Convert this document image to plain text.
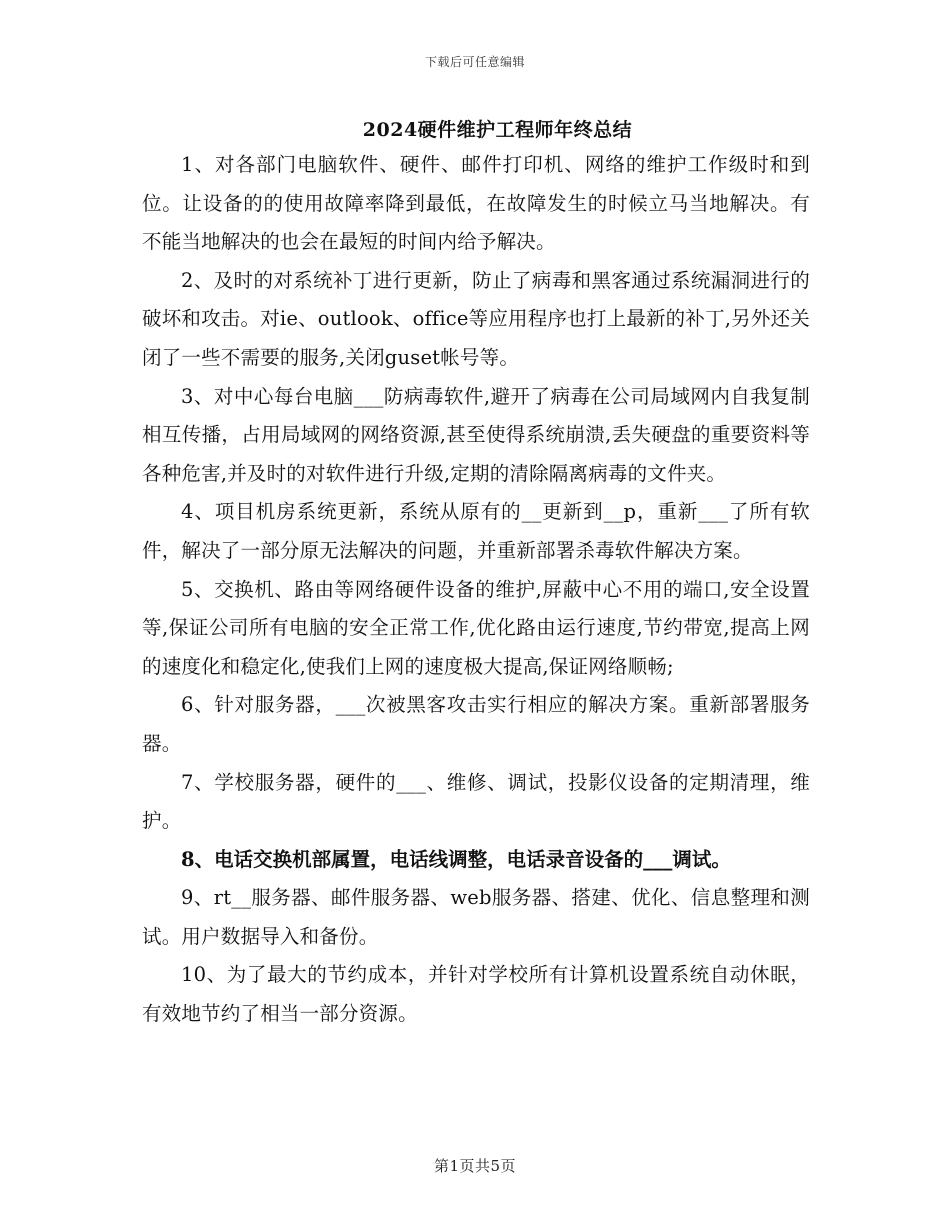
下载后可任意编辑
2024硬件维护工程师年终总结

1、对各部门电脑软件、硬件、邮件打印机、网络的维护工作级时和到位。让设备的的使用故障率降到最低，在故障发生的时候立马当地解决。有不能当地解决的也会在最短的时间内给予解决。

2、及时的对系统补丁进行更新，防止了病毒和黑客通过系统漏洞进行的破坏和攻击。对ie、outlook、office等应用程序也打上最新的补丁,另外还关闭了一些不需要的服务,关闭guset帐号等。

3、对中心每台电脑___防病毒软件,避开了病毒在公司局域网内自我复制相互传播，占用局域网的网络资源,甚至使得系统崩溃,丢失硬盘的重要资料等各种危害,并及时的对软件进行升级,定期的清除隔离病毒的文件夹。

4、项目机房系统更新，系统从原有的__更新到__p，重新___了所有软件，解决了一部分原无法解决的问题，并重新部署杀毒软件解决方案。

5、交换机、路由等网络硬件设备的维护,屏蔽中心不用的端口,安全设置等,保证公司所有电脑的安全正常工作,优化路由运行速度,节约带宽,提高上网的速度化和稳定化,使我们上网的速度极大提高,保证网络顺畅;

6、针对服务器，___次被黑客攻击实行相应的解决方案。重新部署服务器。

7、学校服务器，硬件的___、维修、调试，投影仪设备的定期清理，维护。

8、电话交换机部属置，电话线调整，电话录音设备的___调试。

9、rt__服务器、邮件服务器、web服务器、搭建、优化、信息整理和测试。用户数据导入和备份。

10、为了最大的节约成本，并针对学校所有计算机设置系统自动休眠，有效地节约了相当一部分资源。

第1页共5页
